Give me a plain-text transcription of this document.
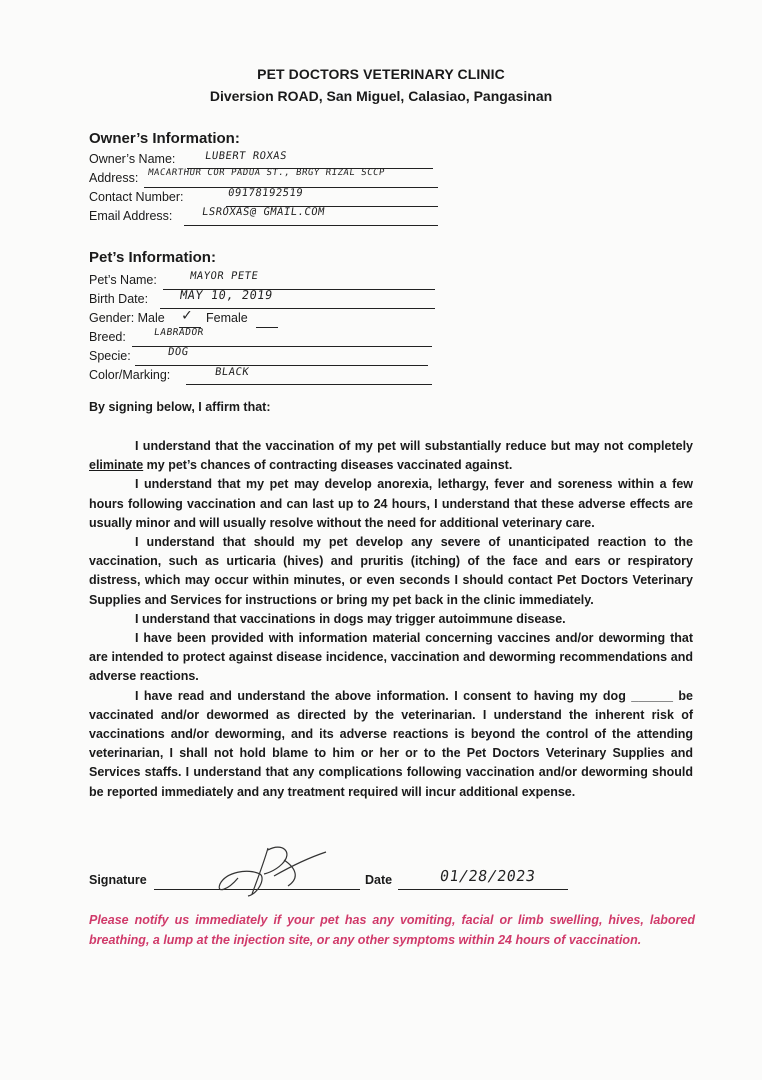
PET DOCTORS VETERINARY CLINIC
Diversion ROAD, San Miguel, Calasiao, Pangasinan
Owner’s Information:
Owner’s Name:	LUBERT ROXAS
Address: MACARTHUR COR PADUA ST., BRGY RIZAL SCCP
Contact Number:	09178192519
Email Address:	LSROXAS@ GMAIL.COM
Pet’s Information:
Pet’s Name:	MAYOR PETE
Birth Date:	MAY 10, 2019
Gender: Male ✓ Female
Breed:	LABRADOR
Specie:	DOG
Color/Marking:	BLACK
By signing below, I affirm that:

I understand that the vaccination of my pet will substantially reduce but may not completely eliminate my pet’s chances of contracting diseases vaccinated against.

I understand that my pet may develop anorexia, lethargy, fever and soreness within a few hours following vaccination and can last up to 24 hours, I understand that these adverse effects are usually minor and will usually resolve without the need for additional veterinary care.

I understand that should my pet develop any severe of unanticipated reaction to the vaccination, such as urticaria (hives) and pruritis (itching) of the face and ears or respiratory distress, which may occur within minutes, or even seconds I should contact Pet Doctors Veterinary Supplies and Services for instructions or bring my pet back in the clinic immediately.

I understand that vaccinations in dogs may trigger autoimmune disease.

I have been provided with information material concerning vaccines and/or deworming that are intended to protect against disease incidence, vaccination and deworming recommendations and adverse reactions.

I have read and understand the above information. I consent to having my dog ______ be vaccinated and/or dewormed as directed by the veterinarian. I understand the inherent risk of vaccinations and/or deworming, and its adverse reactions is beyond the control of the attending veterinarian, I shall not hold blame to him or her or to the Pet Doctors Veterinary Supplies and Services staffs. I understand that any complications following vaccination and/or deworming should be reported immediately and any treatment required will incur additional expense.

Signature	Date	01/28/2023
Please notify us immediately if your pet has any vomiting, facial or limb swelling, hives, labored breathing, a lump at the injection site, or any other symptoms within 24 hours of vaccination.
